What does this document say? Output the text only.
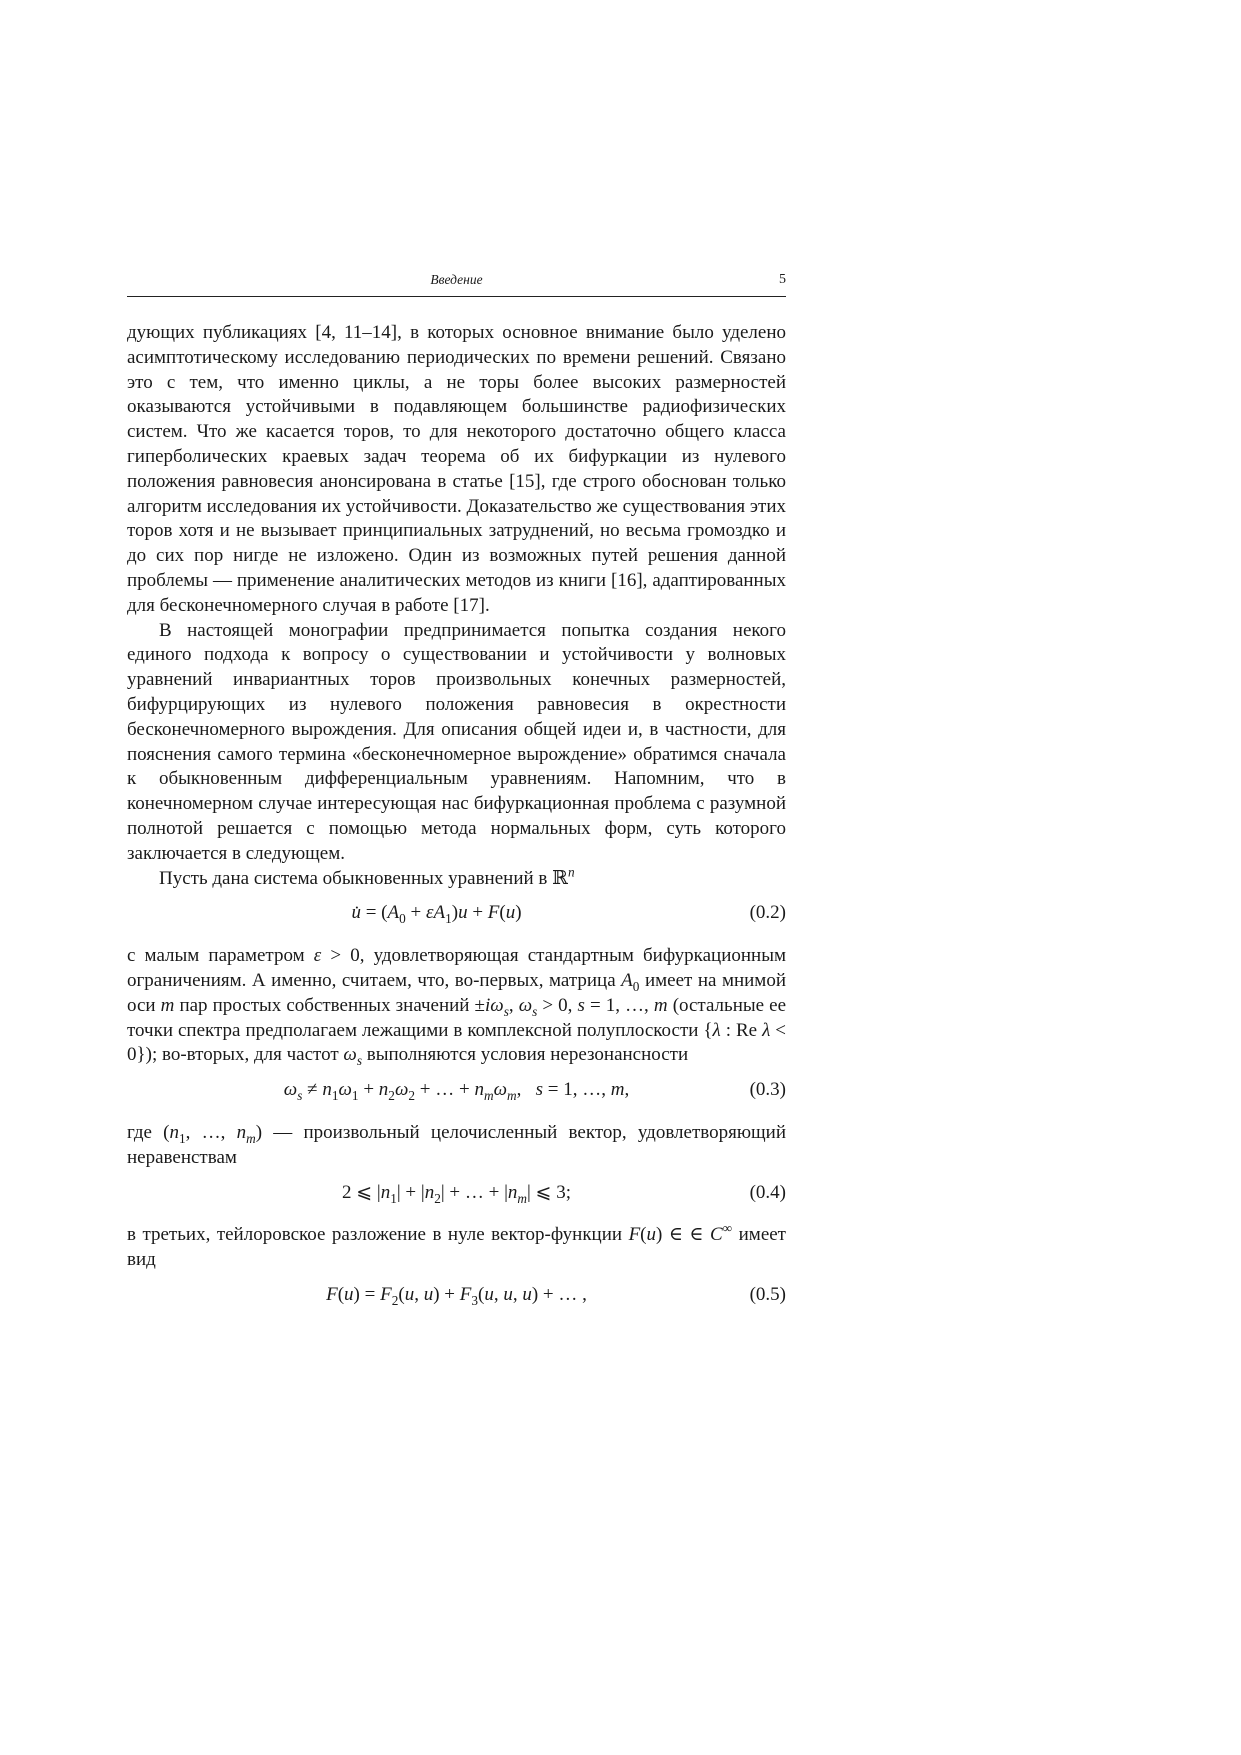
Введение	5

дующих публикациях [4, 11–14], в которых основное внимание было уделено асимптотическому исследованию периодических по времени решений. Связано это с тем, что именно циклы, а не торы более высоких размерностей оказываются устойчивыми в подавляющем большинстве радиофизических систем. Что же касается торов, то для некоторого достаточно общего класса гиперболических краевых задач теорема об их бифуркации из нулевого положения равновесия анонсирована в статье [15], где строго обоснован только алгоритм исследования их устойчивости. Доказательство же существования этих торов хотя и не вызывает принципиальных затруднений, но весьма громоздко и до сих пор нигде не изложено. Один из возможных путей решения данной проблемы — применение аналитических методов из книги [16], адаптированных для бесконечномерного случая в работе [17].

В настоящей монографии предпринимается попытка создания некого единого подхода к вопросу о существовании и устойчивости у волновых уравнений инвариантных торов произвольных конечных размерностей, бифурцирующих из нулевого положения равновесия в окрестности бесконечномерного вырождения. Для описания общей идеи и, в частности, для пояснения самого термина «бесконечномерное вырождение» обратимся сначала к обыкновенным дифференциальным уравнениям. Напомним, что в конечномерном случае интересующая нас бифуркационная проблема с разумной полнотой решается с помощью метода нормальных форм, суть которого заключается в следующем.

Пусть дана система обыкновенных уравнений в ℝ$^n$

u̇ = $(A_0 + \varepsilon A_1)u + F(u)$	(0.2)

с малым параметром ε > 0, удовлетворяющая стандартным бифуркационным ограничениям. А именно, считаем, что, во-первых, матрица $A_0$ имеет на мнимой оси m пар простых собственных значений $\pm i\omega_s$, $\omega_s > 0$, s = 1, …, m (остальные ее точки спектра предполагаем лежащими в комплексной полуплоскости {λ : Re λ < 0}); во-вторых, для частот $\omega_s$ выполняются условия нерезонансности

$\omega_s \ne n_1\omega_1 + n_2\omega_2$ + … + $n_m\omega_m$,   s = 1, …, m,	(0.3)

где ($n_1$, …, $n_m$) — произвольный целочисленный вектор, удовлетворяющий неравенствам

2 ⩽ $|n_1| + |n_2|$ + … + $|n_m|$ ⩽ 3;	(0.4)

в третьих, тейлоровское разложение в нуле вектор-функции F(u) ∈ ∈ C∞ имеет вид

$F(u) = F_2(u$, $u) + F_3(u$, u, u) + … ,	(0.5)
